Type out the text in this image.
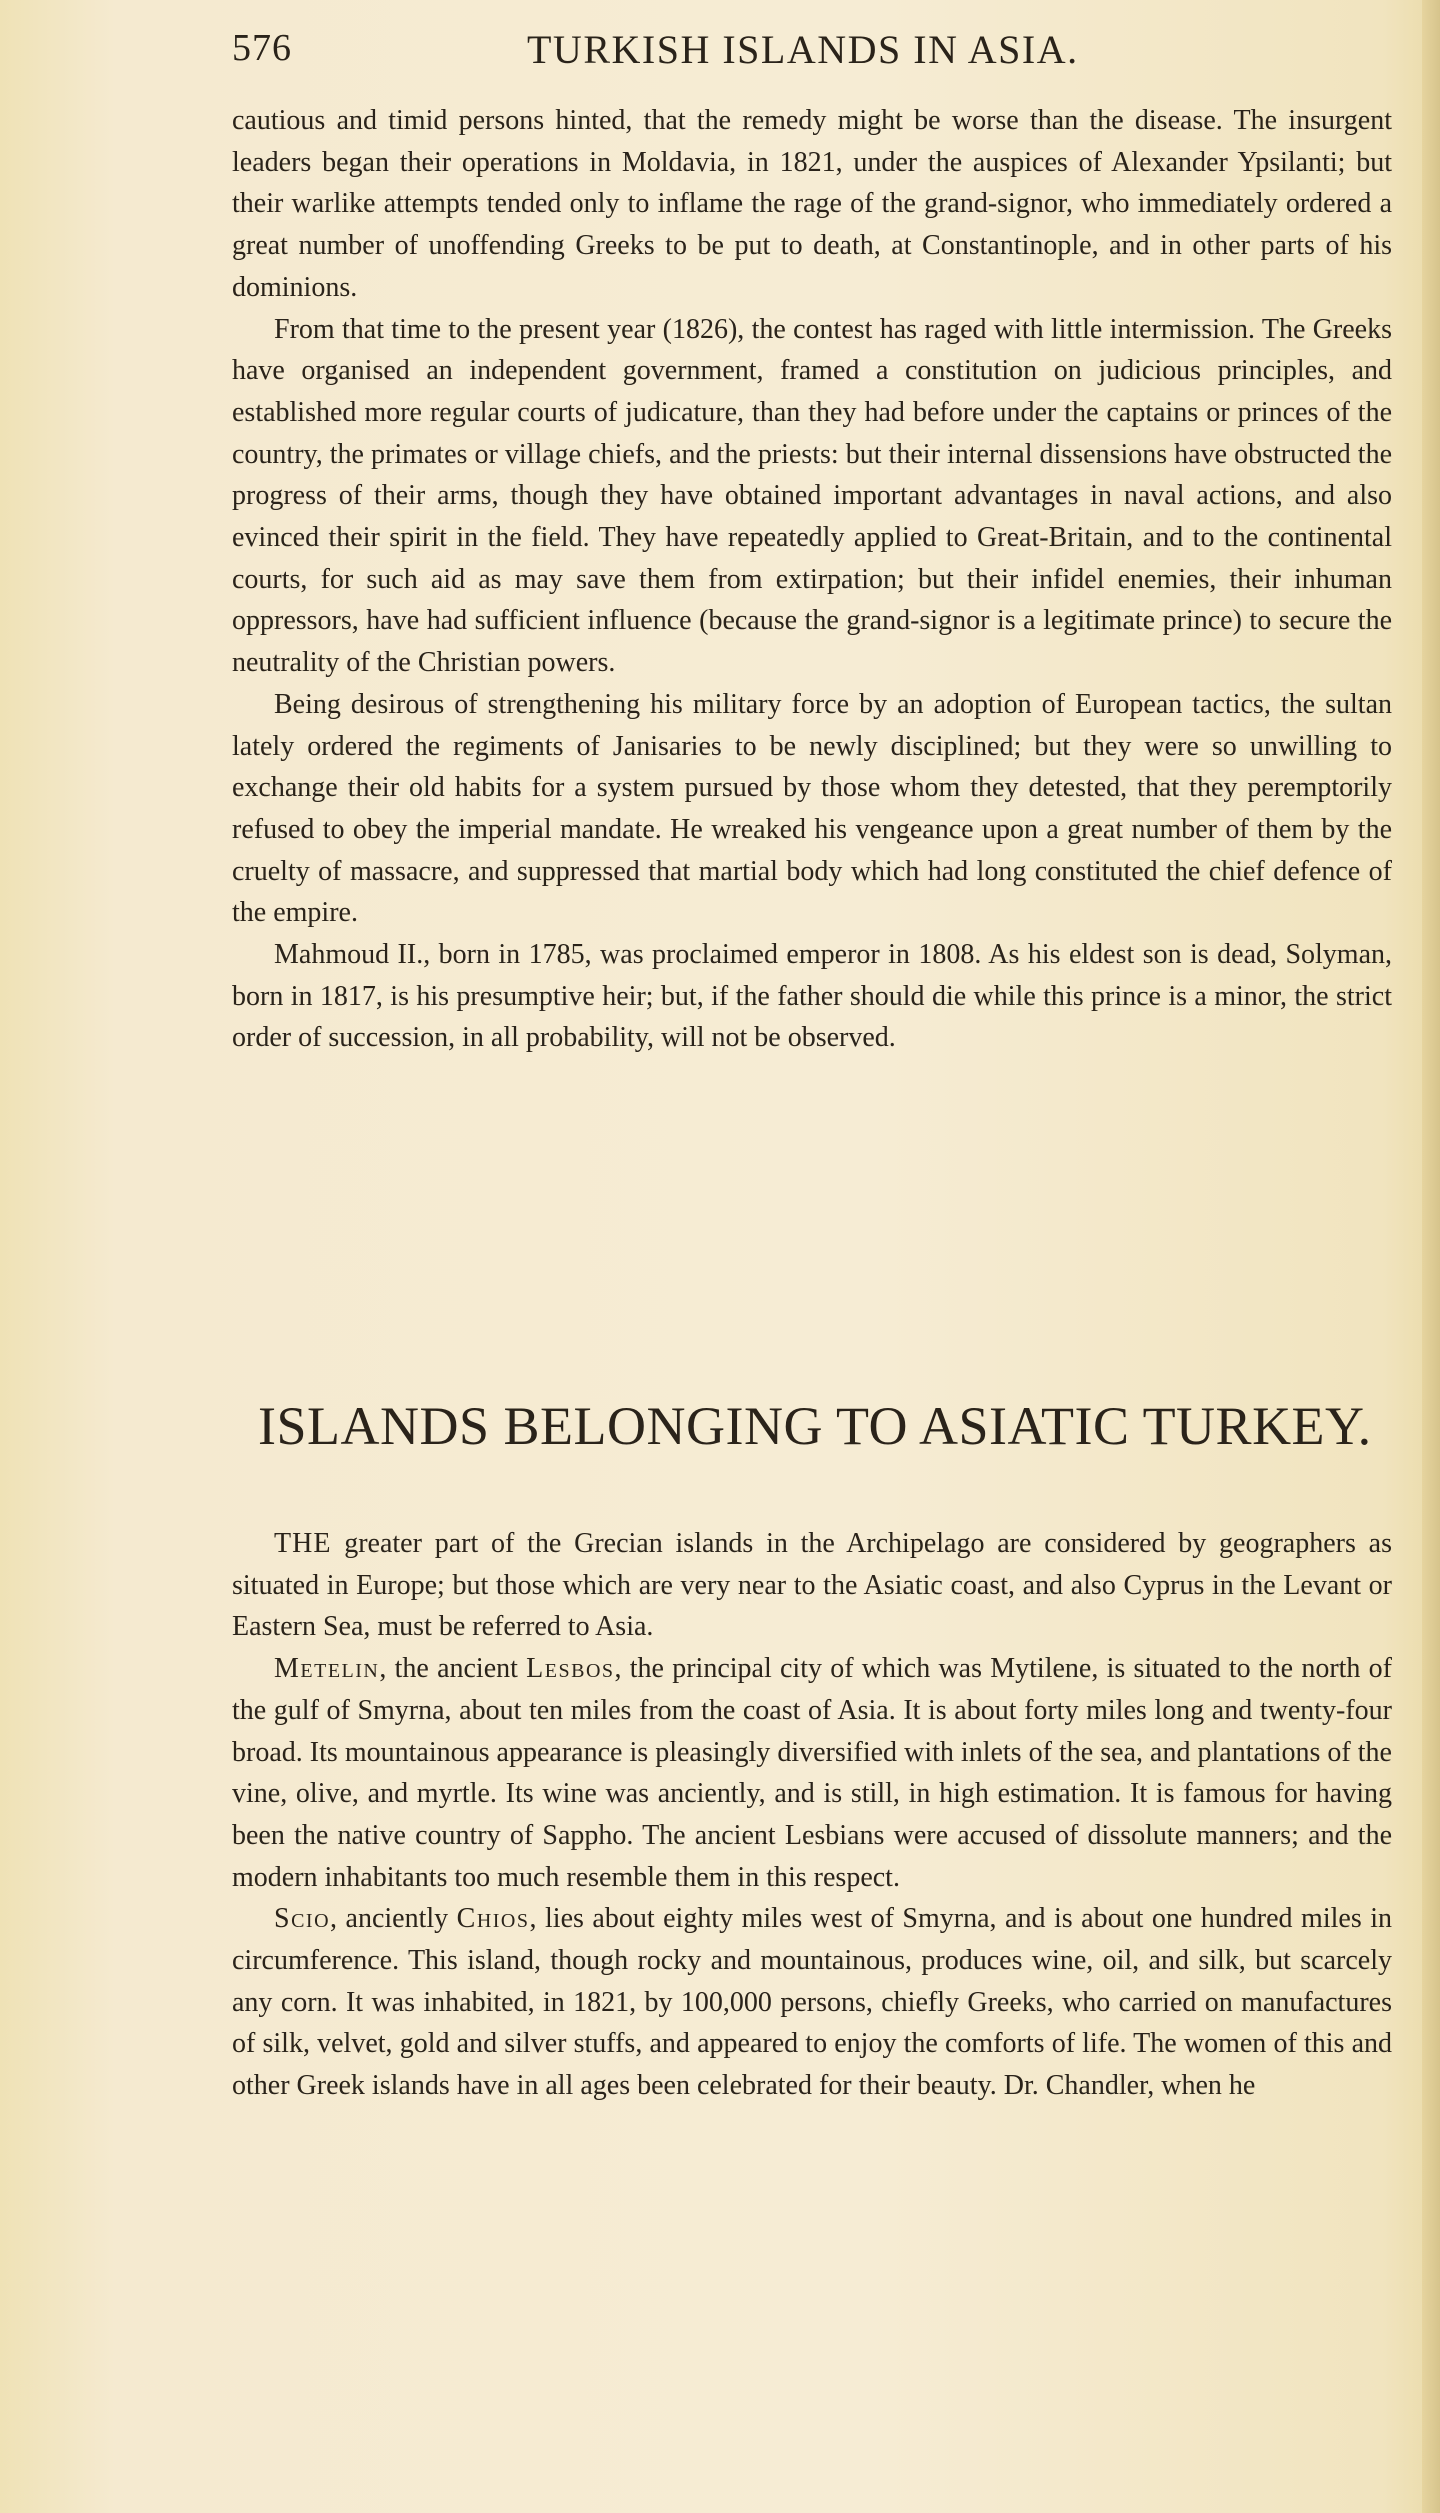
576	TURKISH ISLANDS IN ASIA.

cautious and timid persons hinted, that the remedy might be worse than the disease. The insurgent leaders began their operations in Moldavia, in 1821, under the auspices of Alexander Ypsilanti; but their warlike attempts tended only to inflame the rage of the grand-signor, who immediately ordered a great number of unoffending Greeks to be put to death, at Constantinople, and in other parts of his dominions.

From that time to the present year (1826), the contest has raged with little intermission. The Greeks have organised an independent government, framed a constitution on judicious principles, and established more regular courts of judicature, than they had before under the captains or princes of the country, the primates or village chiefs, and the priests: but their internal dissensions have obstructed the progress of their arms, though they have obtained important advantages in naval actions, and also evinced their spirit in the field. They have repeatedly applied to Great-Britain, and to the continental courts, for such aid as may save them from extirpation; but their infidel enemies, their inhuman oppressors, have had sufficient influence (because the grand-signor is a legitimate prince) to secure the neutrality of the Christian powers.

Being desirous of strengthening his military force by an adoption of European tactics, the sultan lately ordered the regiments of Janisaries to be newly disciplined; but they were so unwilling to exchange their old habits for a system pursued by those whom they detested, that they peremptorily refused to obey the imperial mandate. He wreaked his vengeance upon a great number of them by the cruelty of massacre, and suppressed that martial body which had long constituted the chief defence of the empire.

Mahmoud II., born in 1785, was proclaimed emperor in 1808. As his eldest son is dead, Solyman, born in 1817, is his presumptive heir; but, if the father should die while this prince is a minor, the strict order of succession, in all probability, will not be observed.

ISLANDS BELONGING TO ASIATIC TURKEY.

THE greater part of the Grecian islands in the Archipelago are considered by geographers as situated in Europe; but those which are very near to the Asiatic coast, and also Cyprus in the Levant or Eastern Sea, must be referred to Asia.

Metelin, the ancient Lesbos, the principal city of which was Mytilene, is situated to the north of the gulf of Smyrna, about ten miles from the coast of Asia. It is about forty miles long and twenty-four broad. Its mountainous appearance is pleasingly diversified with inlets of the sea, and plantations of the vine, olive, and myrtle. Its wine was anciently, and is still, in high estimation. It is famous for having been the native country of Sappho. The ancient Lesbians were accused of dissolute manners; and the modern inhabitants too much resemble them in this respect.

Scio, anciently Chios, lies about eighty miles west of Smyrna, and is about one hundred miles in circumference. This island, though rocky and mountainous, produces wine, oil, and silk, but scarcely any corn. It was inhabited, in 1821, by 100,000 persons, chiefly Greeks, who carried on manufactures of silk, velvet, gold and silver stuffs, and appeared to enjoy the comforts of life. The women of this and other Greek islands have in all ages been celebrated for their beauty. Dr. Chandler, when he
